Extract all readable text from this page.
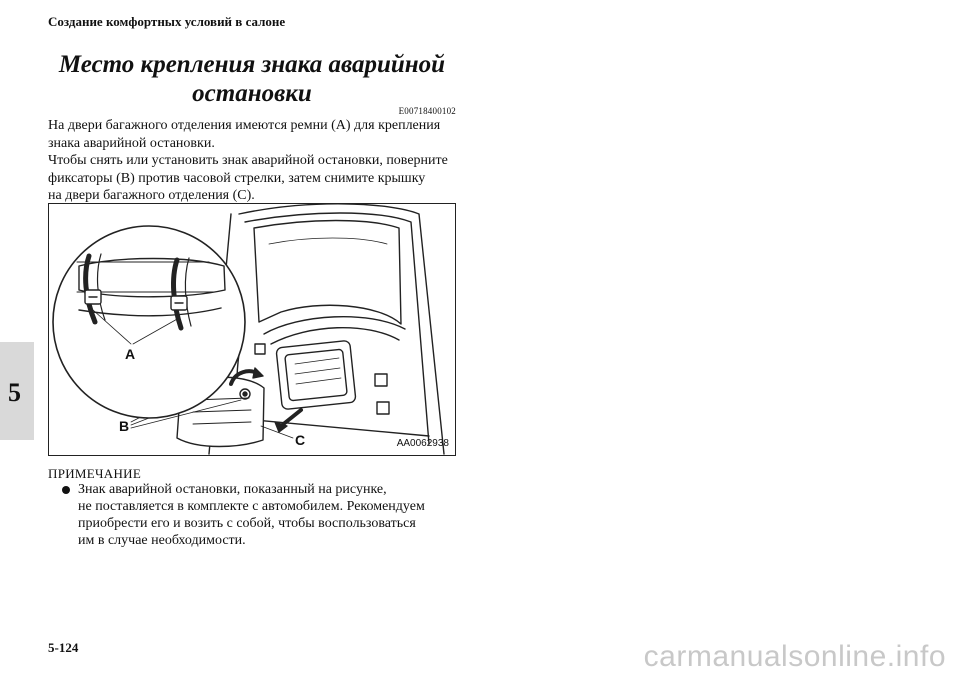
Создание комфортных условий в салоне
5
Место крепления знака аварийной
остановки
E00718400102

На двери багажного отделения имеются ремни (A) для крепления

знака аварийной остановки.

Чтобы снять или установить знак аварийной остановки, поверните

фиксаторы (B) против часовой стрелки, затем снимите крышку

на двери багажного отделения (C).

A
B
C	AA0062938
ПРИМЕЧАНИЕ

Знак аварийной остановки, показанный на рисунке,

не поставляется в комплекте с автомобилем. Рекомендуем

приобрести его и возить с собой, чтобы воспользоваться

им в случае необходимости.

5-124	carmanualsonline.info
